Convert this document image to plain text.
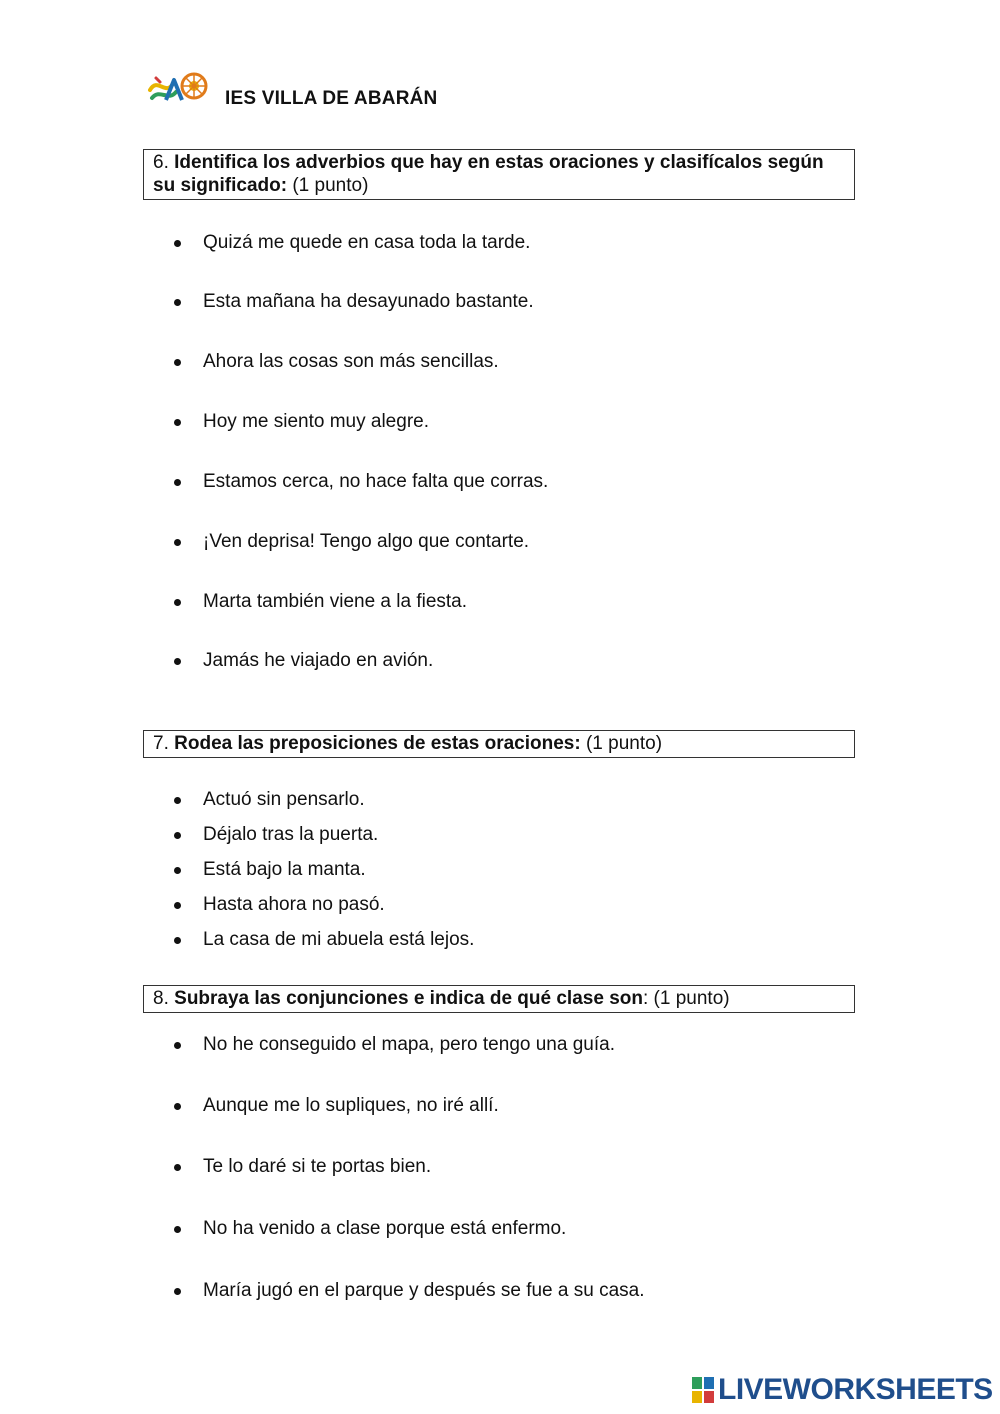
IES VILLA DE ABARÁN
6. Identifica los adverbios que hay en estas oraciones y clasifícalos según su significado: (1 punto)
Quizá me quede en casa toda la tarde.
Esta mañana ha desayunado bastante.
Ahora las cosas son más sencillas.
Hoy me siento muy alegre.
Estamos cerca, no hace falta que corras.
¡Ven deprisa! Tengo algo que contarte.
Marta también viene a la fiesta.
Jamás he viajado en avión.
7. Rodea las preposiciones de estas oraciones: (1 punto)
Actuó sin pensarlo.
Déjalo tras la puerta.
Está bajo la manta.
Hasta ahora no pasó.
La casa de mi abuela está lejos.
8. Subraya las conjunciones e indica de qué clase son: (1 punto)
No he conseguido el mapa, pero tengo una guía.
Aunque me lo supliques, no iré allí.
Te lo daré si te portas bien.
No ha venido a clase porque está enfermo.
María jugó en el parque y después se fue a su casa.
LIVEWORKSHEETS
